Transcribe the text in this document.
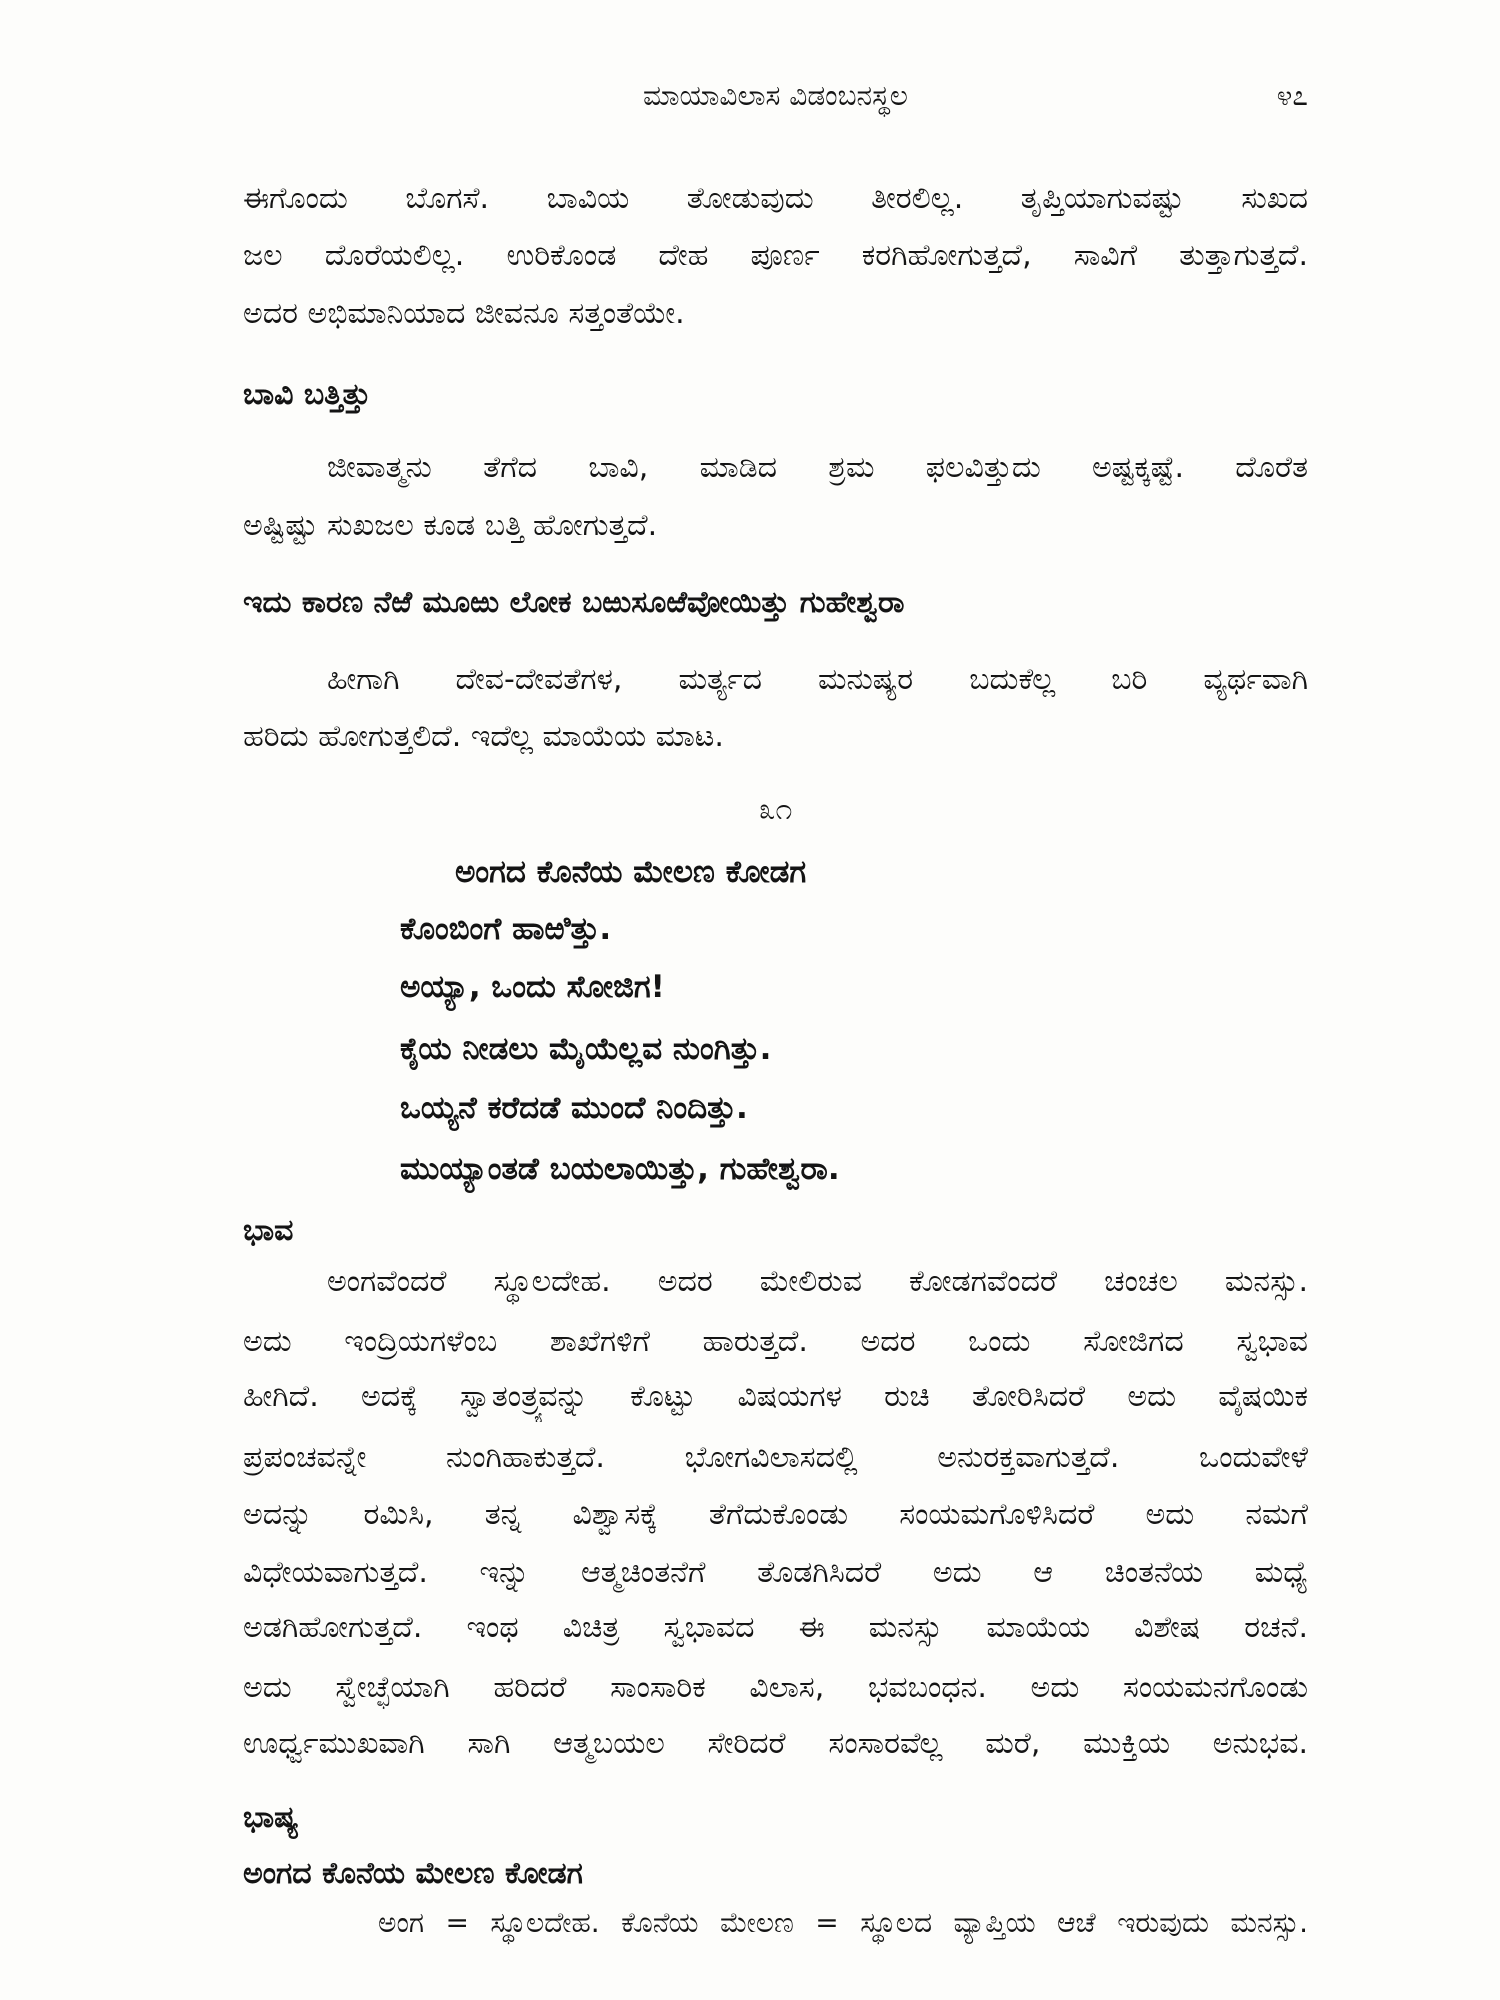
ಮಾಯಾವಿಲಾಸ ವಿಡಂಬನಸ್ಥಲ	೪೭
ಈಗೊಂದು ಬೊಗಸೆ. ಬಾವಿಯ ತೋಡುವುದು ತೀರಲಿಲ್ಲ. ತೃಪ್ತಿಯಾಗುವಷ್ಟು ಸುಖದ
ಜಲ ದೊರೆಯಲಿಲ್ಲ. ಉರಿಕೊಂಡ ದೇಹ ಪೂರ್ಣ ಕರಗಿಹೋಗುತ್ತದೆ, ಸಾವಿಗೆ ತುತ್ತಾಗುತ್ತದೆ.
ಅದರ ಅಭಿಮಾನಿಯಾದ ಜೀವನೂ ಸತ್ತಂತೆಯೇ.
ಬಾವಿ ಬತ್ತಿತ್ತು
ಜೀವಾತ್ಮನು ತೆಗೆದ ಬಾವಿ, ಮಾಡಿದ ಶ್ರಮ ಫಲವಿತ್ತುದು ಅಷ್ಟಕ್ಕಷ್ಟೆ. ದೊರೆತ
ಅಷ್ಟಿಷ್ಟು ಸುಖಜಲ ಕೂಡ ಬತ್ತಿ ಹೋಗುತ್ತದೆ.
ಇದು ಕಾರಣ ನೆಱೆ ಮೂಱು ಲೋಕ ಬಱುಸೂಱೆವೋಯಿತ್ತು ಗುಹೇಶ್ವರಾ
ಹೀಗಾಗಿ ದೇವ-ದೇವತೆಗಳ, ಮರ್ತ್ಯದ ಮನುಷ್ಯರ ಬದುಕೆಲ್ಲ ಬರಿ ವ್ಯರ್ಥವಾಗಿ
ಹರಿದು ಹೋಗುತ್ತಲಿದೆ. ಇದೆಲ್ಲ ಮಾಯೆಯ ಮಾಟ.
೩೧
ಅಂಗದ ಕೊನೆಯ ಮೇಲಣ ಕೋಡಗ
ಕೊಂಬಿಂಗೆ ಹಾಱಿತ್ತು.
ಅಯ್ಯಾ, ಒಂದು ಸೋಜಿಗ!
ಕೈಯ ನೀಡಲು ಮೈಯೆಲ್ಲವ ನುಂಗಿತ್ತು.
ಒಯ್ಯನೆ ಕರೆದಡೆ ಮುಂದೆ ನಿಂದಿತ್ತು.
ಮುಯ್ಯಾಂತಡೆ ಬಯಲಾಯಿತ್ತು, ಗುಹೇಶ್ವರಾ.
ಭಾವ
ಅಂಗವೆಂದರೆ ಸ್ಥೂಲದೇಹ. ಅದರ ಮೇಲಿರುವ ಕೋಡಗವೆಂದರೆ ಚಂಚಲ ಮನಸ್ಸು.
ಅದು ಇಂದ್ರಿಯಗಳೆಂಬ ಶಾಖೆಗಳಿಗೆ ಹಾರುತ್ತದೆ. ಅದರ ಒಂದು ಸೋಜಿಗದ ಸ್ವಭಾವ
ಹೀಗಿದೆ. ಅದಕ್ಕೆ ಸ್ವಾತಂತ್ರ್ಯವನ್ನು ಕೊಟ್ಟು ವಿಷಯಗಳ ರುಚಿ ತೋರಿಸಿದರೆ ಅದು ವೈಷಯಿಕ
ಪ್ರಪಂಚವನ್ನೇ ನುಂಗಿಹಾಕುತ್ತದೆ. ಭೋಗವಿಲಾಸದಲ್ಲಿ ಅನುರಕ್ತವಾಗುತ್ತದೆ. ಒಂದುವೇಳೆ
ಅದನ್ನು ರಮಿಸಿ, ತನ್ನ ವಿಶ್ವಾಸಕ್ಕೆ ತೆಗೆದುಕೊಂಡು ಸಂಯಮಗೊಳಿಸಿದರೆ ಅದು ನಮಗೆ
ವಿಧೇಯವಾಗುತ್ತದೆ. ಇನ್ನು ಆತ್ಮಚಿಂತನೆಗೆ ತೊಡಗಿಸಿದರೆ ಅದು ಆ ಚಿಂತನೆಯ ಮಧ್ಯೆ
ಅಡಗಿಹೋಗುತ್ತದೆ. ಇಂಥ ವಿಚಿತ್ರ ಸ್ವಭಾವದ ಈ ಮನಸ್ಸು ಮಾಯೆಯ ವಿಶೇಷ ರಚನೆ.
ಅದು ಸ್ವೇಚ್ಛೆಯಾಗಿ ಹರಿದರೆ ಸಾಂಸಾರಿಕ ವಿಲಾಸ, ಭವಬಂಧನ. ಅದು ಸಂಯಮನಗೊಂಡು
ಊರ್ಧ್ವಮುಖವಾಗಿ ಸಾಗಿ ಆತ್ಮಬಯಲ ಸೇರಿದರೆ ಸಂಸಾರವೆಲ್ಲ ಮರೆ, ಮುಕ್ತಿಯ ಅನುಭವ.
ಭಾಷ್ಯ
ಅಂಗದ ಕೊನೆಯ ಮೇಲಣ ಕೋಡಗ
ಅಂಗ = ಸ್ಥೂಲದೇಹ. ಕೊನೆಯ ಮೇಲಣ = ಸ್ಥೂಲದ ವ್ಯಾಪ್ತಿಯ ಆಚೆ ಇರುವುದು ಮನಸ್ಸು.
